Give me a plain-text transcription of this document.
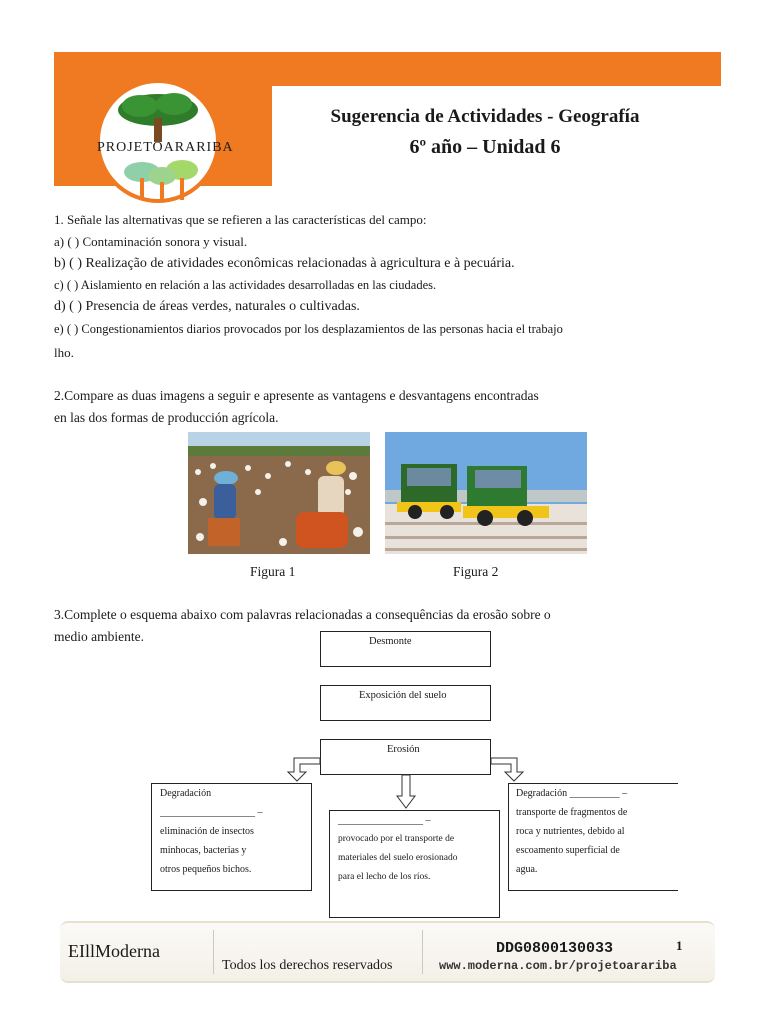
PROJETOARARIBA
Sugerencia de Actividades - Geografía
6º año – Unidad 6
1. Señale las alternativas que se refieren a las características del campo:
a) ( ) Contaminación sonora y visual.
b) ( ) Realização de atividades econômicas relacionadas à agricultura e à pecuária.
c) ( ) Aislamiento en relación a las actividades desarrolladas en las ciudades.
d) ( ) Presencia de áreas verdes, naturales o cultivadas.
e) ( ) Congestionamientos diarios provocados por los desplazamientos de las personas hacia el trabajo
lho.
2.Compare as duas imagens a seguir e apresente as vantagens e desvantagens encontradas
en las dos formas de producción agrícola.
Figura 1	Figura 2
3.Complete o esquema abaixo com palavras relacionadas a consequências da erosão sobre o
medio ambiente.	Desmonte
Exposición del suelo
Erosión
Degradación
___________________ –
eliminación de insectos
minhocas, bacterias y
otros pequeños bichos.
_________________ –
provocado por el transporte de
materiales del suelo erosionado
para el lecho de los ríos.
Degradación __________ –
transporte de fragmentos de
roca y nutrientes, debido al
escoamento superficial de
agua.
EIllModerna
Todos los derechos reservados
DDG0800130033	1
www.moderna.com.br/projetoarariba
